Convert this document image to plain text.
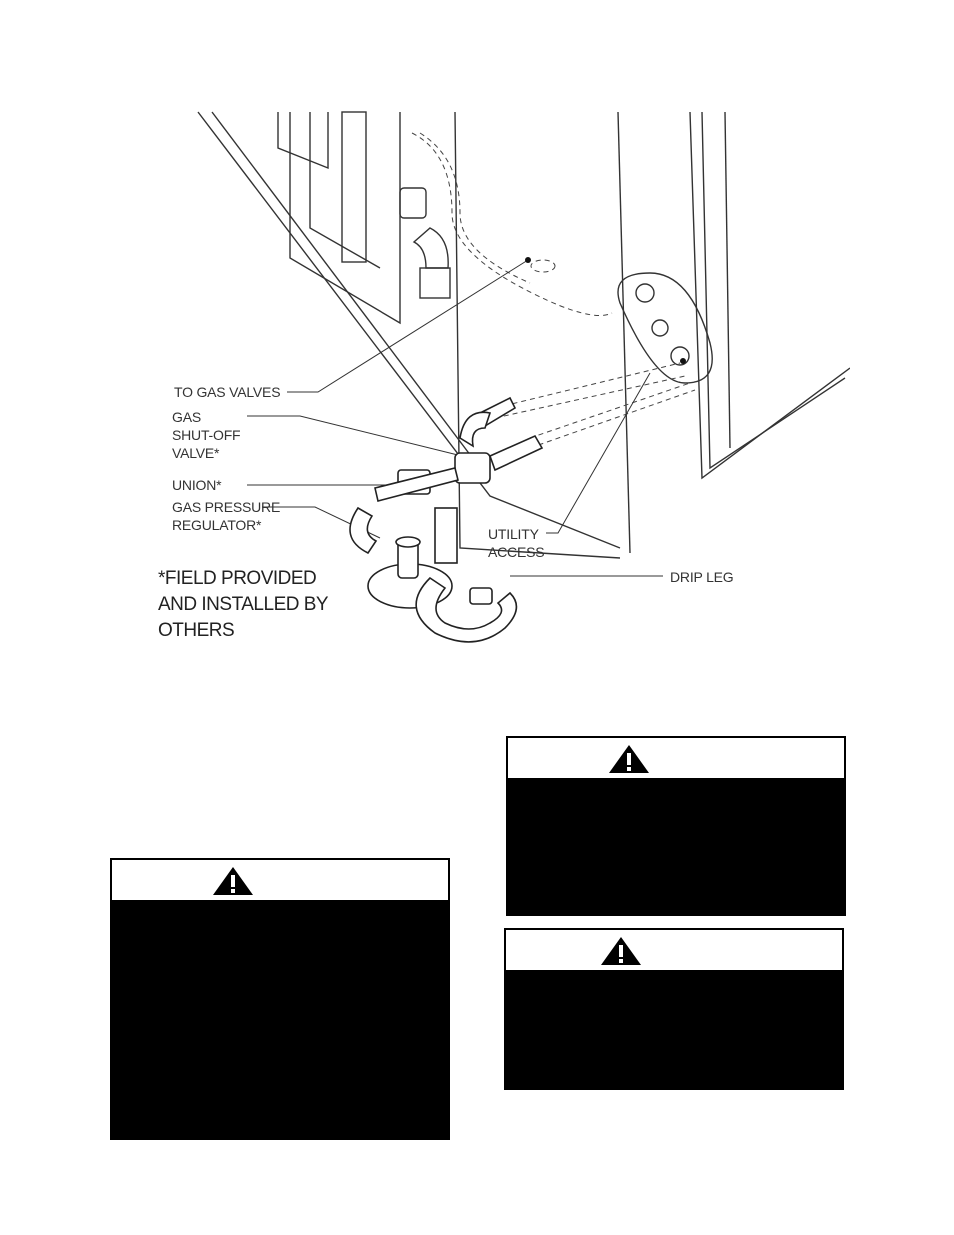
TO GAS VALVES
GAS
SHUT-OFF
VALVE*
UNION*
GAS PRESSURE
REGULATOR*
UTILITY
ACCESS
DRIP LEG
*FIELD PROVIDED
AND INSTALLED BY
OTHERS
